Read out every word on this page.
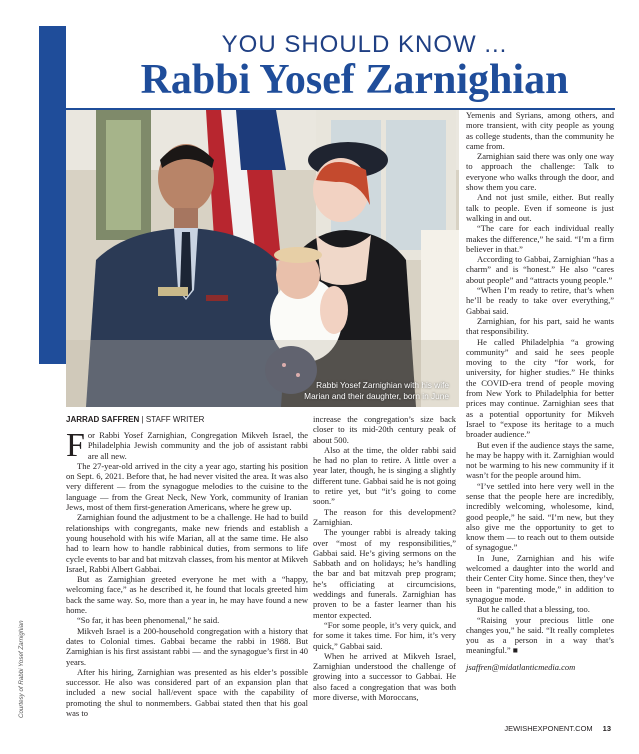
YOU SHOULD KNOW ...
Rabbi Yosef Zarnighian
Rabbi Yosef Zarnighian with his wife Marian and their daughter, born in June
Courtesy of Rabbi Yosef Zarnighian
JARRAD SAFFREN | STAFF WRITER

For Rabbi Yosef Zarnighian, Congregation Mikveh Israel, the Philadelphia Jewish community and the job of assistant rabbi are all new.

The 27-year-old arrived in the city a year ago, starting his position on Sept. 6, 2021. Before that, he had never visited the area. It was also very different — from the synagogue melodies to the cuisine to the language — from the Great Neck, New York, community of Iranian Jews, most of them first-generation Americans, where he grew up.

Zarnighian found the adjustment to be a challenge. He had to build relationships with congregants, make new friends and establish a young household with his wife Marian, all at the same time. He also had to learn how to handle rabbinical duties, from sermons to life cycle events to bar and bat mitzvah classes, from his mentor at Mikveh Israel, Rabbi Albert Gabbai.

But as Zarnighian greeted everyone he met with a “happy, welcoming face,” as he described it, he found that locals greeted him back the same way. So, more than a year in, he may have found a new home.

“So far, it has been phenomenal,” he said.

Mikveh Israel is a 200-household congregation with a history that dates to Colonial times. Gabbai became the rabbi in 1988. But Zarnighian is his first assistant rabbi — and the synagogue’s first in 40 years.

After his hiring, Zarnighian was presented as his elder’s possible successor. He also was considered part of an expansion plan that included a new social hall/event space with the capability of promoting the shul to nonmembers. Gabbai stated then that his goal was to

increase the congregation’s size back closer to its mid-20th century peak of about 500.

Also at the time, the older rabbi said he had no plan to retire. A little over a year later, though, he is singing a slightly different tune. Gabbai said he is not going to retire yet, but “it’s going to come soon.”

The reason for this development? Zarnighian.

The younger rabbi is already taking over “most of my responsibilities,” Gabbai said. He’s giving sermons on the Sabbath and on holidays; he’s handling the bar and bat mitzvah prep program; he’s officiating at circumcisions, weddings and funerals. Zarnighian has proven to be a faster learner than his mentor expected.

“For some people, it’s very quick, and for some it takes time. For him, it’s very quick,” Gabbai said.

When he arrived at Mikveh Israel, Zarnighian understood the challenge of growing into a successor to Gabbai. He also faced a congregation that was both more diverse, with Moroccans,

Yemenis and Syrians, among others, and more transient, with city people as young as college students, than the community he came from.

Zarnighian said there was only one way to approach the challenge: Talk to everyone who walks through the door, and show them you care.

And not just smile, either. But really talk to people. Even if someone is just walking in and out.

“The care for each individual really makes the difference,” he said. “I’m a firm believer in that.”

According to Gabbai, Zarnighian “has a charm” and is “honest.” He also “cares about people” and “attracts young people.”

“When I’m ready to retire, that’s when he’ll be ready to take over everything,” Gabbai said.

Zarnighian, for his part, said he wants that responsibility.

He called Philadelphia “a growing community” and said he sees people moving to the city “for work, for university, for higher studies.” He thinks the COVID-era trend of people moving from New York to Philadelphia for better prices may continue. Zarnighian sees that as a potential opportunity for Mikveh Israel to “expose its heritage to a much broader audience.”

But even if the audience stays the same, he may be happy with it. Zarnighian would not be warming to his new community if it wasn’t for the people around him.

“I’ve settled into here very well in the sense that the people here are incredibly, incredibly welcoming, wholesome, kind, good people,” he said. “I’m new, but they also give me the opportunity to get to know them — to reach out to them outside of synagogue.”

In June, Zarnighian and his wife welcomed a daughter into the world and their Center City home. Since then, they’ve been in “parenting mode,” in addition to synagogue mode.

But he called that a blessing, too.

“Raising your precious little one changes you,” he said. “It really completes you as a person in a way that’s meaningful.” ■

jsaffren@midatlanticmedia.com

JEWISHEXPONENT.COM 13
